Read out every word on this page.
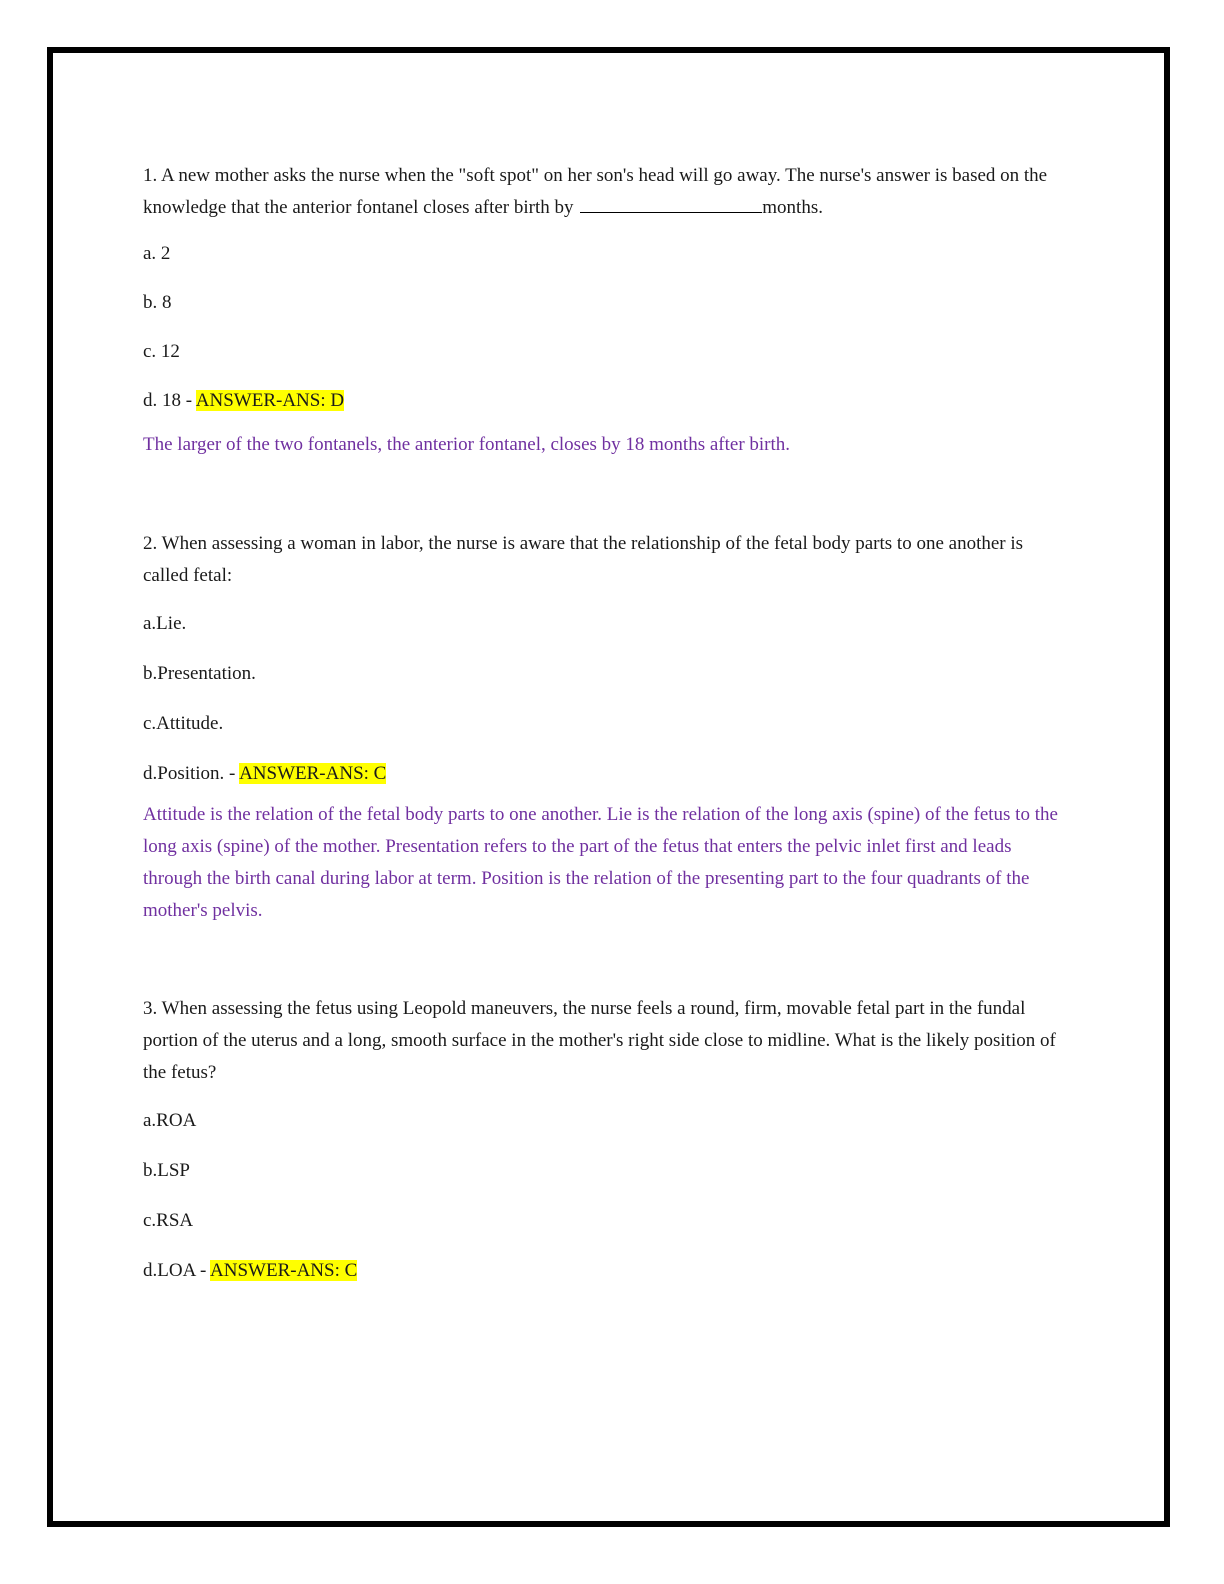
1. A new mother asks the nurse when the "soft spot" on her son's head will go away. The nurse's answer is based on the knowledge that the anterior fontanel closes after birth by	months.

a. 2

b. 8

c. 12

d. 18 - ANSWER-ANS: D

The larger of the two fontanels, the anterior fontanel, closes by 18 months after birth.

2. When assessing a woman in labor, the nurse is aware that the relationship of the fetal body parts to one another is called fetal:

a.Lie.

b.Presentation.

c.Attitude.

d.Position. - ANSWER-ANS: C

Attitude is the relation of the fetal body parts to one another. Lie is the relation of the long axis (spine) of the fetus to the long axis (spine) of the mother. Presentation refers to the part of the fetus that enters the pelvic inlet first and leads through the birth canal during labor at term. Position is the relation of the presenting part to the four quadrants of the mother's pelvis.

3. When assessing the fetus using Leopold maneuvers, the nurse feels a round, firm, movable fetal part in the fundal portion of the uterus and a long, smooth surface in the mother's right side close to midline. What is the likely position of the fetus?

a.ROA

b.LSP

c.RSA

d.LOA - ANSWER-ANS: C
